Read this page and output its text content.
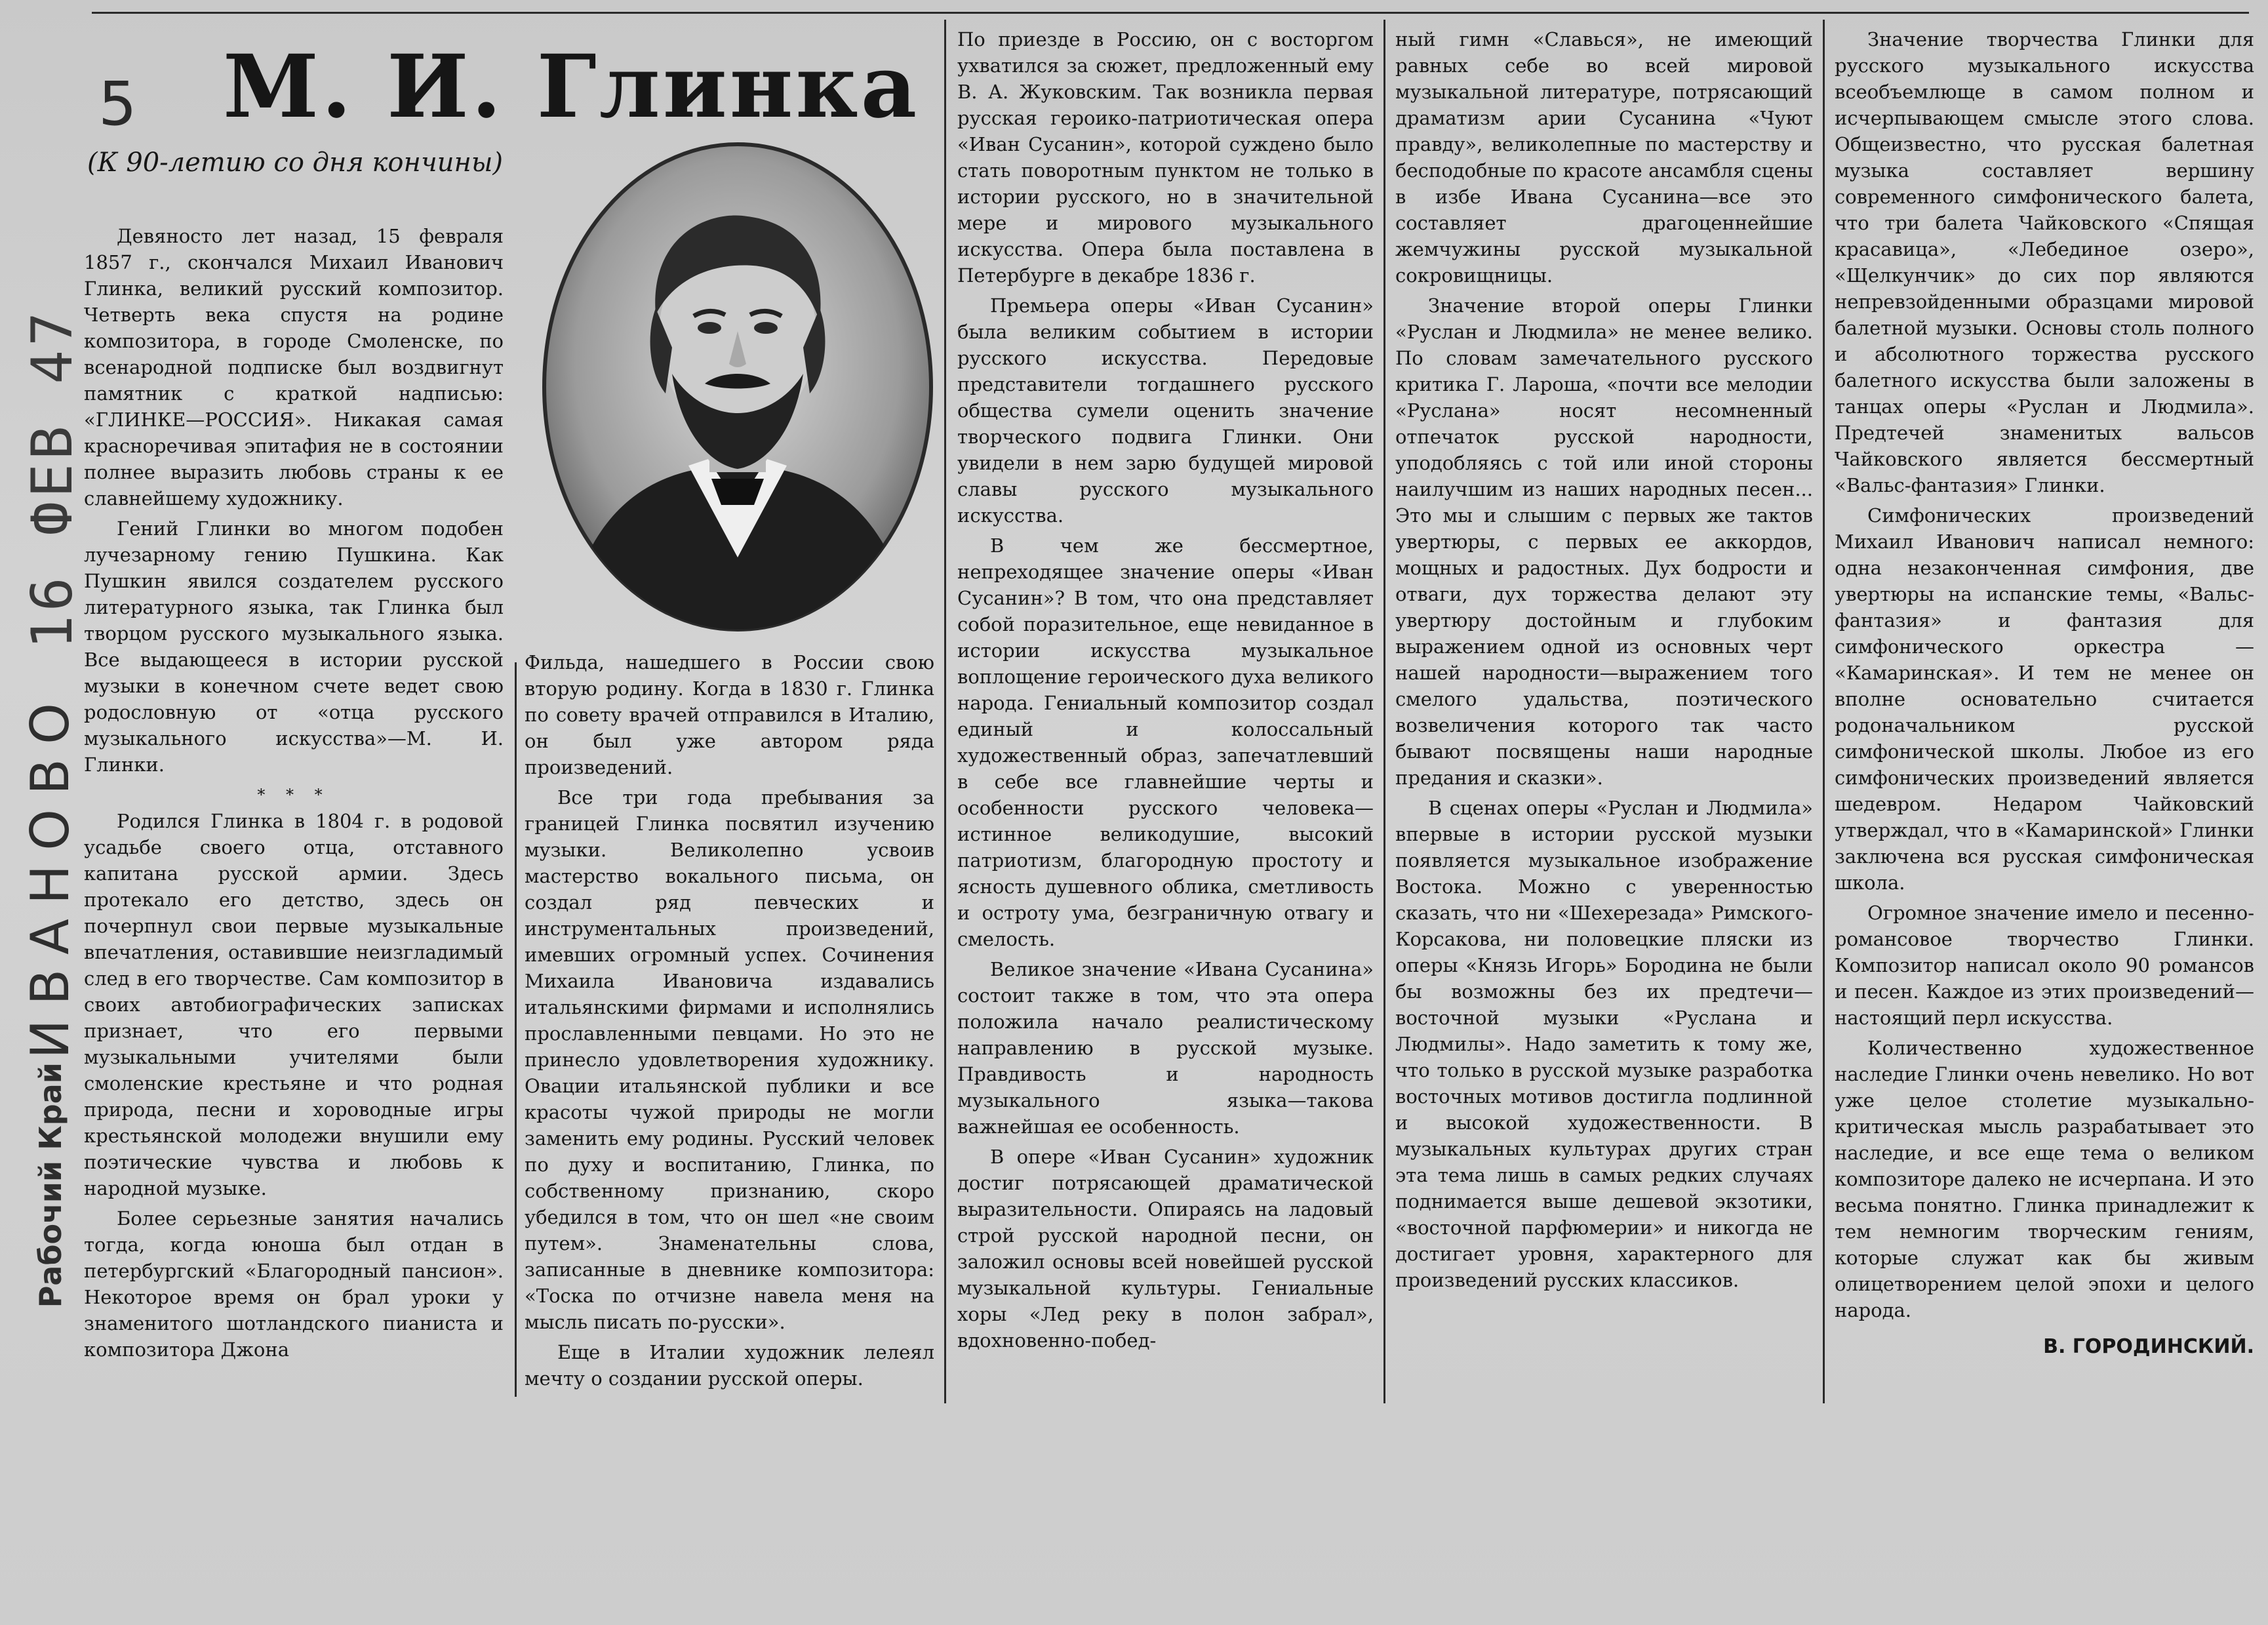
16 ФЕВ 47
Рабочий Край ИВАНОВО
5 М. И. Глинка
(К 90-летию со дня кончины)

Девяносто лет назад, 15 февраля 1857 г., скончался Михаил Иванович Глинка, великий русский композитор. Четверть века спустя на родине композитора, в городе Смоленске, по всенародной подписке был воздвигнут памятник с краткой надписью: «ГЛИНКЕ—РОССИЯ». Никакая самая красноречивая эпитафия не в состоянии полнее выразить любовь страны к ее славнейшему художнику.

Гений Глинки во многом подобен лучезарному гению Пушкина. Как Пушкин явился создателем русского литературного языка, так Глинка был творцом русского музыкального языка. Все выдающееся в истории русской музыки в конечном счете ведет свою родословную от «отца русского музыкального искусства»—М. И. Глинки.

* * *

Родился Глинка в 1804 г. в родовой усадьбе своего отца, отставного капитана русской армии. Здесь протекало его детство, здесь он почерпнул свои первые музыкальные впечатления, оставившие неизгладимый след в его творчестве. Сам композитор в своих автобиографических записках признает, что его первыми музыкальными учителями были смоленские крестьяне и что родная природа, песни и хороводные игры крестьянской молодежи внушили ему поэтические чувства и любовь к народной музыке.

Более серьезные занятия начались тогда, когда юноша был отдан в петербургский «Благородный пансион». Некоторое время он брал уроки у знаменитого шотландского пианиста и композитора Джона

Фильда, нашедшего в России свою вторую родину. Когда в 1830 г. Глинка по совету врачей отправился в Италию, он был уже автором ряда произведений.

Все три года пребывания за границей Глинка посвятил изучению музыки. Великолепно усвоив мастерство вокального письма, он создал ряд певческих и инструментальных произведений, имевших огромный успех. Сочинения Михаила Ивановича издавались итальянскими фирмами и исполнялись прославленными певцами. Но это не принесло удовлетворения художнику. Овации итальянской публики и все красоты чужой природы не могли заменить ему родины. Русский человек по духу и воспитанию, Глинка, по собственному признанию, скоро убедился в том, что он шел «не своим путем». Знаменательны слова, записанные в дневнике композитора: «Тоска по отчизне навела меня на мысль писать по-русски».

Еще в Италии художник лелеял мечту о создании русской оперы.

По приезде в Россию, он с восторгом ухватился за сюжет, предложенный ему В. А. Жуковским. Так возникла первая русская героико-патриотическая опера «Иван Сусанин», которой суждено было стать поворотным пунктом не только в истории русского, но в значительной мере и мирового музыкального искусства. Опера была поставлена в Петербурге в декабре 1836 г.

Премьера оперы «Иван Сусанин» была великим событием в истории русского искусства. Передовые представители тогдашнего русского общества сумели оценить значение творческого подвига Глинки. Они увидели в нем зарю будущей мировой славы русского музыкального искусства.

В чем же бессмертное, непреходящее значение оперы «Иван Сусанин»? В том, что она представляет собой поразительное, еще невиданное в истории искусства музыкальное воплощение героического духа великого народа. Гениальный композитор создал единый и колоссальный художественный образ, запечатлевший в себе все главнейшие черты и особенности русского человека—истинное великодушие, высокий патриотизм, благородную простоту и ясность душевного облика, сметливость и остроту ума, безграничную отвагу и смелость.

Великое значение «Ивана Сусанина» состоит также в том, что эта опера положила начало реалистическому направлению в русской музыке. Правдивость и народность музыкального языка—такова важнейшая ее особенность.

В опере «Иван Сусанин» художник достиг потрясающей драматической выразительности. Опираясь на ладовый строй русской народной песни, он заложил основы всей новейшей русской музыкальной культуры. Гениальные хоры «Лед реку в полон забрал», вдохновенно-побед-

ный гимн «Славься», не имеющий равных себе во всей мировой музыкальной литературе, потрясающий драматизм арии Сусанина «Чуют правду», великолепные по мастерству и бесподобные по красоте ансамбля сцены в избе Ивана Сусанина—все это составляет драгоценнейшие жемчужины русской музыкальной сокровищницы.

Значение второй оперы Глинки «Руслан и Людмила» не менее велико. По словам замечательного русского критика Г. Лароша, «почти все мелодии «Руслана» носят несомненный отпечаток русской народности, уподобляясь с той или иной стороны наилучшим из наших народных песен... Это мы и слышим с первых же тактов увертюры, с первых ее аккордов, мощных и радостных. Дух бодрости и отваги, дух торжества делают эту увертюру достойным и глубоким выражением одной из основных черт нашей народности—выражением того смелого удальства, поэтического возвеличения которого так часто бывают посвящены наши народные предания и сказки».

В сценах оперы «Руслан и Людмила» впервые в истории русской музыки появляется музыкальное изображение Востока. Можно с уверенностью сказать, что ни «Шехерезада» Римского-Корсакова, ни половецкие пляски из оперы «Князь Игорь» Бородина не были бы возможны без их предтечи—восточной музыки «Руслана и Людмилы». Надо заметить к тому же, что только в русской музыке разработка восточных мотивов достигла подлинной и высокой художественности. В музыкальных культурах других стран эта тема лишь в самых редких случаях поднимается выше дешевой экзотики, «восточной парфюмерии» и никогда не достигает уровня, характерного для произведений русских классиков.

Значение творчества Глинки для русского музыкального искусства всеобъемлюще в самом полном и исчерпывающем смысле этого слова. Общеизвестно, что русская балетная музыка составляет вершину современного симфонического балета, что три балета Чайковского «Спящая красавица», «Лебединое озеро», «Щелкунчик» до сих пор являются непревзойденными образцами мировой балетной музыки. Основы столь полного и абсолютного торжества русского балетного искусства были заложены в танцах оперы «Руслан и Людмила». Предтечей знаменитых вальсов Чайковского является бессмертный «Вальс-фантазия» Глинки.

Симфонических произведений Михаил Иванович написал немного: одна незаконченная симфония, две увертюры на испанские темы, «Вальс-фантазия» и фантазия для симфонического оркестра — «Камаринская». И тем не менее он вполне основательно считается родоначальником русской симфонической школы. Любое из его симфонических произведений является шедевром. Недаром Чайковский утверждал, что в «Камаринской» Глинки заключена вся русская симфоническая школа.

Огромное значение имело и песенно-романсовое творчество Глинки. Композитор написал около 90 романсов и песен. Каждое из этих произведений—настоящий перл искусства.

Количественно художественное наследие Глинки очень невелико. Но вот уже целое столетие музыкально-критическая мысль разрабатывает это наследие, и все еще тема о великом композиторе далеко не исчерпана. И это весьма понятно. Глинка принадлежит к тем немногим творческим гениям, которые служат как бы живым олицетворением целой эпохи и целого народа.

В. ГОРОДИНСКИЙ.
